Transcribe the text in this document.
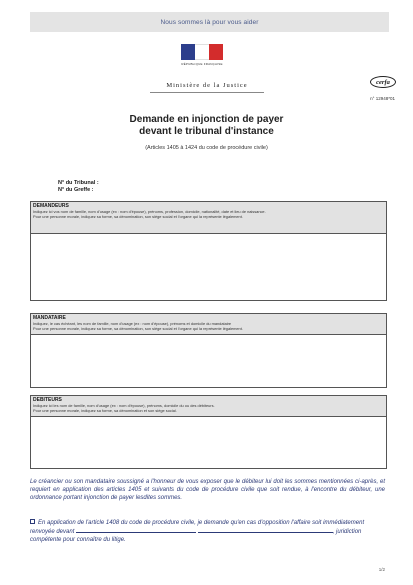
Nous sommes là pour vous aider
RÉPUBLIQUE FRANÇAISE
Ministère de la Justice	cerfa
n° 12948*01
Demande en injonction de payer
devant le tribunal d'instance
(Articles 1405 à 1424 du code de procédure civile)
N° du Tribunal :
N° du Greffe :
DEMANDEURS
Indiquez ici vos nom de famille, nom d'usage (ex : nom d'épouse), prénoms, profession, domicile, nationalité, date et lieu de naissance.
Pour une personne morale, indiquez sa forme, sa dénomination, son siège social et l'organe qui la représente légalement.
MANDATAIRE
Indiquez, le cas échéant, les nom de famille, nom d'usage (ex : nom d'épouse), prénoms et domicile du mandataire
Pour une personne morale, indiquez sa forme, sa dénomination, son siège social et l'organe qui la représente légalement.
DEBITEURS
Indiquez ici les nom de famille, nom d'usage (ex : nom d'épouse), prénoms, domicile du ou des débiteurs.
Pour une personne morale, indiquez sa forme, sa dénomination et son siège social.
Le créancier ou son mandataire soussigné a l'honneur de vous exposer que le débiteur lui doit les sommes mentionnées ci-après, et requiert en application des articles 1405 et suivants du code de procédure civile que soit rendue, à l'encontre du débiteur, une ordonnance portant injonction de payer lesdites sommes.
En application de l'article 1408 du code de procédure civile, je demande qu'en cas d'opposition l'affaire soit immédiatement renvoyée devant	, juridiction compétente pour connaître du litige.
1/2
